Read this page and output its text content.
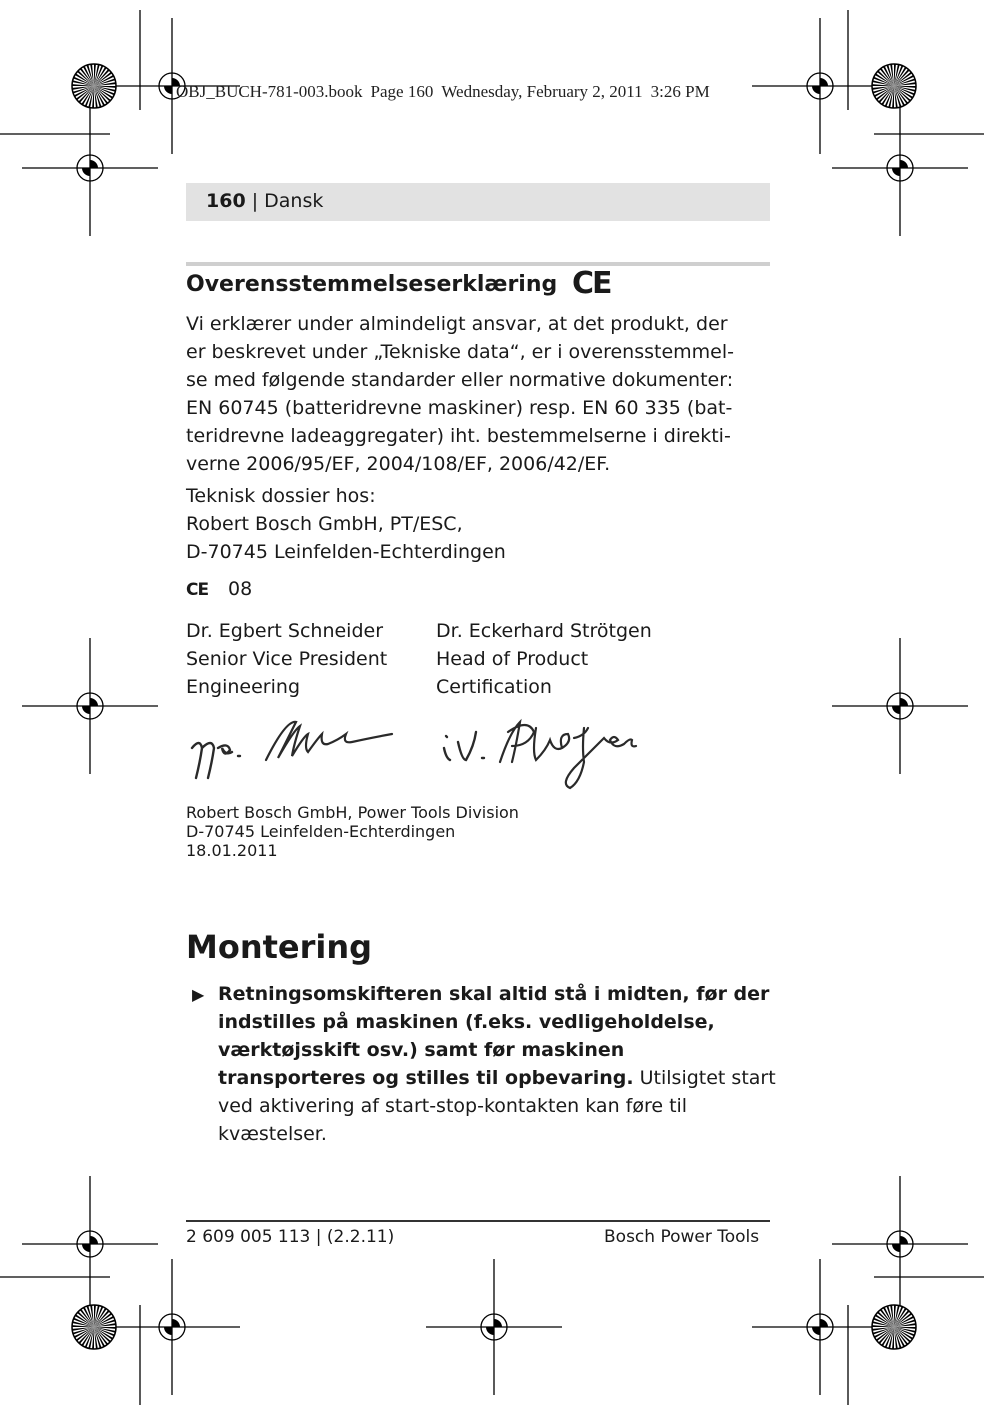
OBJ_BUCH-781-003.book Page 160 Wednesday, February 2, 2011 3:26 PM
160 | Dansk
Overensstemmelseserklæring CE
Vi erklærer under almindeligt ansvar, at det produkt, der
er beskrevet under „Tekniske data“, er i overensstemmel-
se med følgende standarder eller normative dokumenter:
EN 60745 (batteridrevne maskiner) resp. EN 60 335 (bat-
teridrevne ladeaggregater) iht. bestemmelserne i direkti-
verne 2006/95/EF, 2004/108/EF, 2006/42/EF.
Teknisk dossier hos:
Robert Bosch GmbH, PT/ESC,
D-70745 Leinfelden-Echterdingen
CE 08
Dr. Egbert Schneider
Senior Vice President
Engineering
Dr. Eckerhard Strötgen
Head of Product
Certification
Robert Bosch GmbH, Power Tools Division
D-70745 Leinfelden-Echterdingen
18.01.2011
Montering
▶ Retningsomskifteren skal altid stå i midten, før der indstilles på maskinen (f.eks. vedligeholdelse, værktøjsskift osv.) samt før maskinen transporteres og stilles til opbevaring. Utilsigtet start ved aktivering af start-stop-kontakten kan føre til kvæstelser.
2 609 005 113 | (2.2.11)	Bosch Power Tools
